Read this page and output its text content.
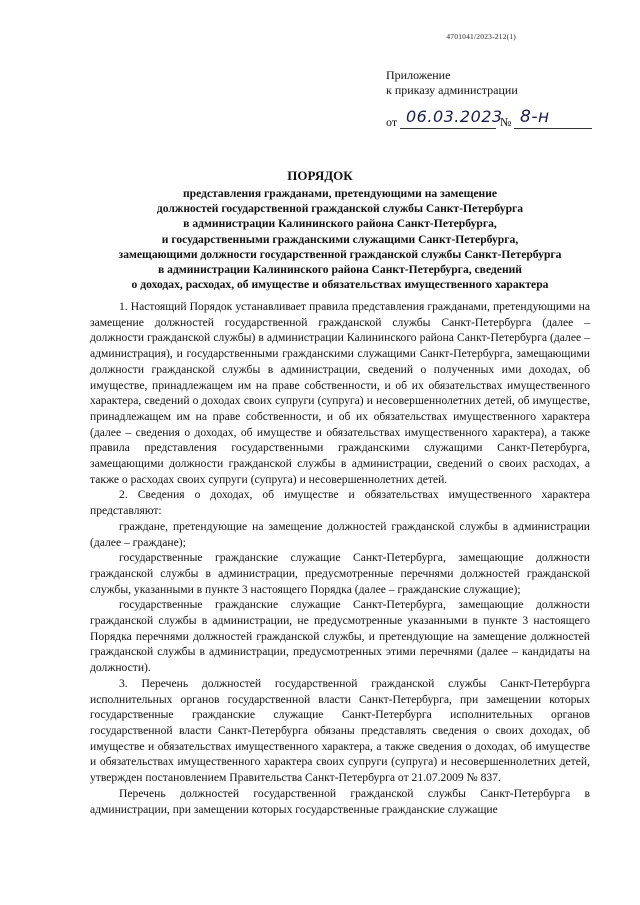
4701041/2023-212(1)
Приложение
к приказу администрации
от 06.03.2023
№ 8-н
ПОРЯДОК
представления гражданами, претендующими на замещение
должностей государственной гражданской службы Санкт-Петербурга
в администрации Калининского района Санкт-Петербурга,
и государственными гражданскими служащими Санкт-Петербурга,
замещающими должности государственной гражданской службы Санкт-Петербурга
в администрации Калининского района Санкт-Петербурга, сведений
о доходах, расходах, об имуществе и обязательствах имущественного характера

1. Настоящий Порядок устанавливает правила представления гражданами, претендующими на замещение должностей государственной гражданской службы Санкт-Петербурга (далее – должности гражданской службы) в администрации Калининского района Санкт-Петербурга (далее – администрация), и государственными гражданскими служащими Санкт-Петербурга, замещающими должности гражданской службы в администрации, сведений о полученных ими доходах, об имуществе, принадлежащем им на праве собственности, и об их обязательствах имущественного характера, сведений о доходах своих супруги (супруга) и несовершеннолетних детей, об имуществе, принадлежащем им на праве собственности, и об их обязательствах имущественного характера (далее – сведения о доходах, об имуществе и обязательствах имущественного характера), а также правила представления государственными гражданскими служащими Санкт-Петербурга, замещающими должности гражданской службы в администрации, сведений о своих расходах, а также о расходах своих супруги (супруга) и несовершеннолетних детей.

2. Сведения о доходах, об имуществе и обязательствах имущественного характера представляют:

граждане, претендующие на замещение должностей гражданской службы в администрации (далее – граждане);

государственные гражданские служащие Санкт-Петербурга, замещающие должности гражданской службы в администрации, предусмотренные перечнями должностей гражданской службы, указанными в пункте 3 настоящего Порядка (далее – гражданские служащие);

государственные гражданские служащие Санкт-Петербурга, замещающие должности гражданской службы в администрации, не предусмотренные указанными в пункте 3 настоящего Порядка перечнями должностей гражданской службы, и претендующие на замещение должностей гражданской службы в администрации, предусмотренных этими перечнями (далее – кандидаты на должности).

3. Перечень должностей государственной гражданской службы Санкт-Петербурга исполнительных органов государственной власти Санкт-Петербурга, при замещении которых государственные гражданские служащие Санкт-Петербурга исполнительных органов государственной власти Санкт-Петербурга обязаны представлять сведения о своих доходах, об имуществе и обязательствах имущественного характера, а также сведения о доходах, об имуществе и обязательствах имущественного характера своих супруги (супруга) и несовершеннолетних детей, утвержден постановлением Правительства Санкт-Петербурга от 21.07.2009 № 837.

Перечень должностей государственной гражданской службы Санкт-Петербурга в администрации, при замещении которых государственные гражданские служащие
